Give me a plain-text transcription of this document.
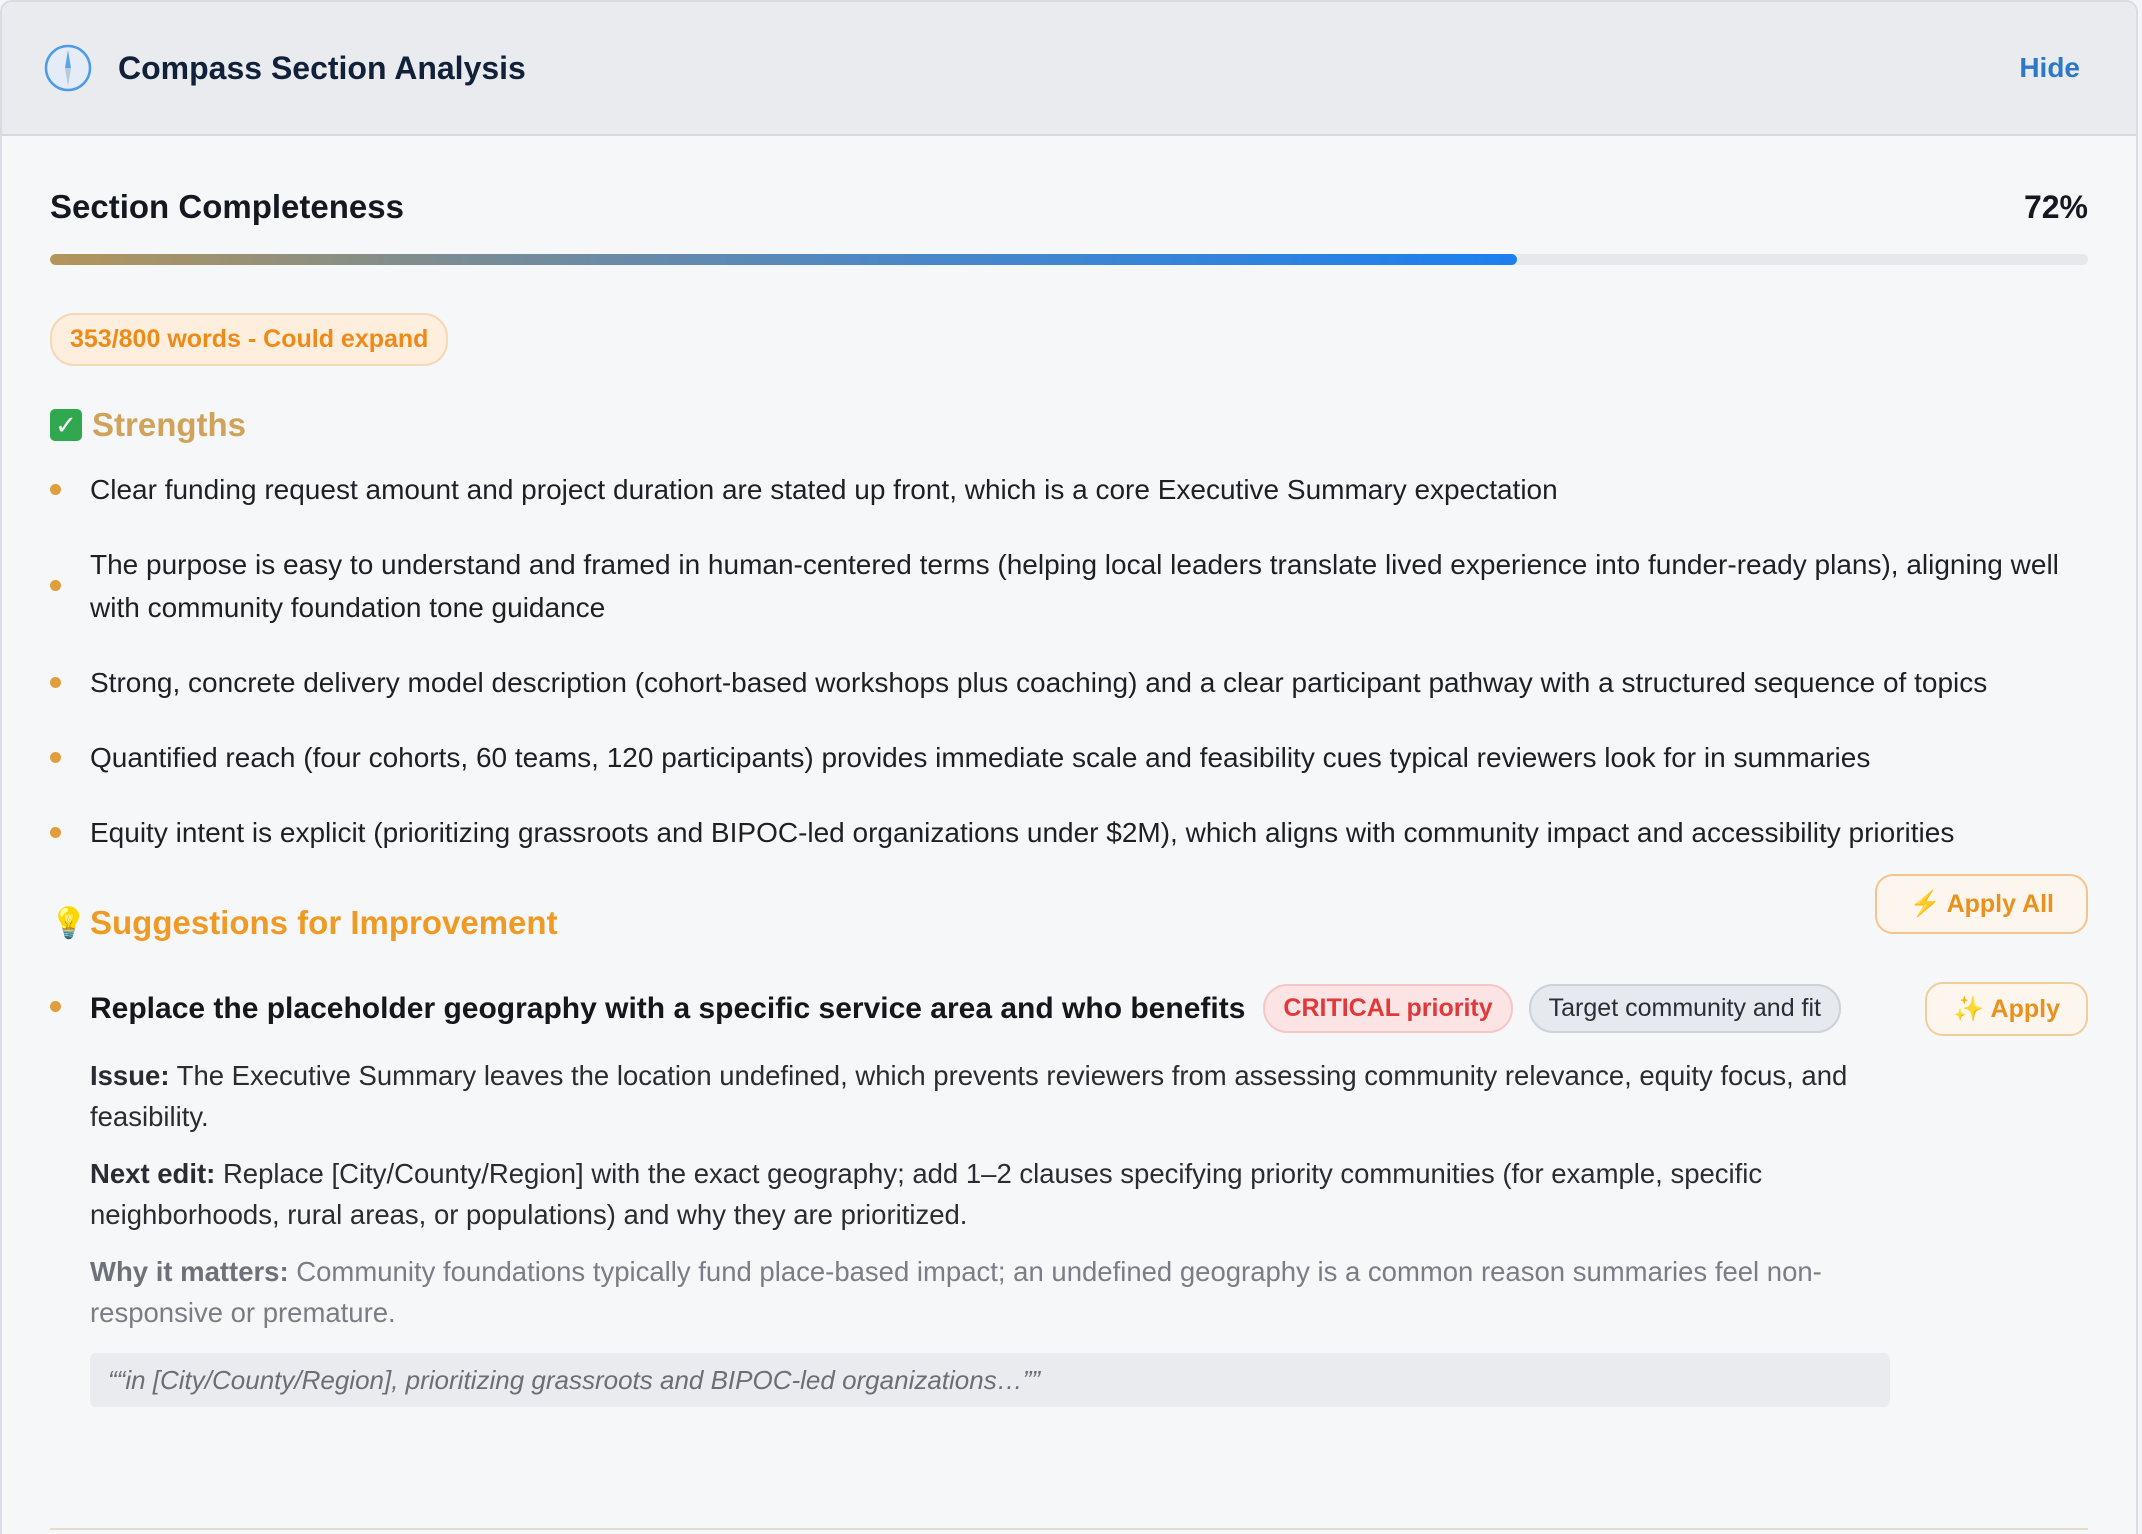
Compass Section Analysis	Hide
Section Completeness	72%
353/800 words - Could expand
✓ Strengths
Clear funding request amount and project duration are stated up front, which is a core Executive Summary expectation
The purpose is easy to understand and framed in human-centered terms (helping local leaders translate lived experience into funder-ready plans), aligning well with community foundation tone guidance
Strong, concrete delivery model description (cohort-based workshops plus coaching) and a clear participant pathway with a structured sequence of topics
Quantified reach (four cohorts, 60 teams, 120 participants) provides immediate scale and feasibility cues typical reviewers look for in summaries
Equity intent is explicit (prioritizing grassroots and BIPOC-led organizations under $2M), which aligns with community impact and accessibility priorities
💡 Suggestions for Improvement
⚡ Apply All
Replace the placeholder geography with a specific service area and who benefits	CRITICAL priority	Target community and fit	✨ Apply
Issue: The Executive Summary leaves the location undefined, which prevents reviewers from assessing community relevance, equity focus, and feasibility.
Next edit: Replace [City/County/Region] with the exact geography; add 1–2 clauses specifying priority communities (for example, specific neighborhoods, rural areas, or populations) and why they are prioritized.
Why it matters: Community foundations typically fund place-based impact; an undefined geography is a common reason summaries feel non-responsive or premature.
““in [City/County/Region], prioritizing grassroots and BIPOC-led organizations…””
